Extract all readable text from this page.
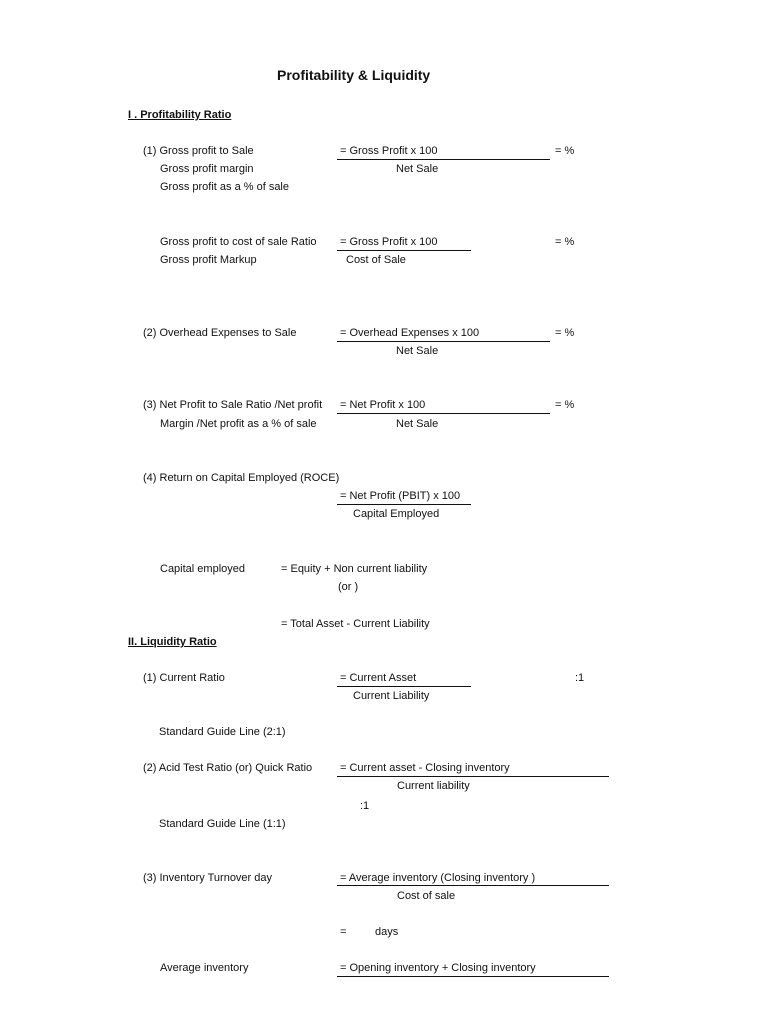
Profitability & Liquidity
I . Profitability Ratio
(1) Gross profit to Sale
Gross profit margin
Gross profit as a % of sale
= Gross Profit x 100
Net Sale
= %
Gross profit to cost of sale Ratio
Gross profit Markup
= Gross Profit x 100
Cost of Sale
= %
(2) Overhead Expenses to Sale	= Overhead Expenses x 100
Net Sale
= %
(3) Net Profit to Sale Ratio /Net profit
Margin /Net profit as a % of sale
= Net Profit x 100
Net Sale
= %
(4) Return on Capital Employed (ROCE)
= Net Profit (PBIT) x 100
Capital Employed
Capital employed	= Equity + Non current liability
(or )
= Total Asset - Current Liability
II. Liquidity Ratio
(1) Current Ratio	= Current Asset
Current Liability
:1
Standard Guide Line (2:1)
(2) Acid Test Ratio (or) Quick Ratio	= Current asset - Closing inventory
Current liability
:1
Standard Guide Line (1:1)
(3) Inventory Turnover day	= Average inventory (Closing inventory )
Cost of sale
=	days
Average inventory	= Opening inventory + Closing inventory
